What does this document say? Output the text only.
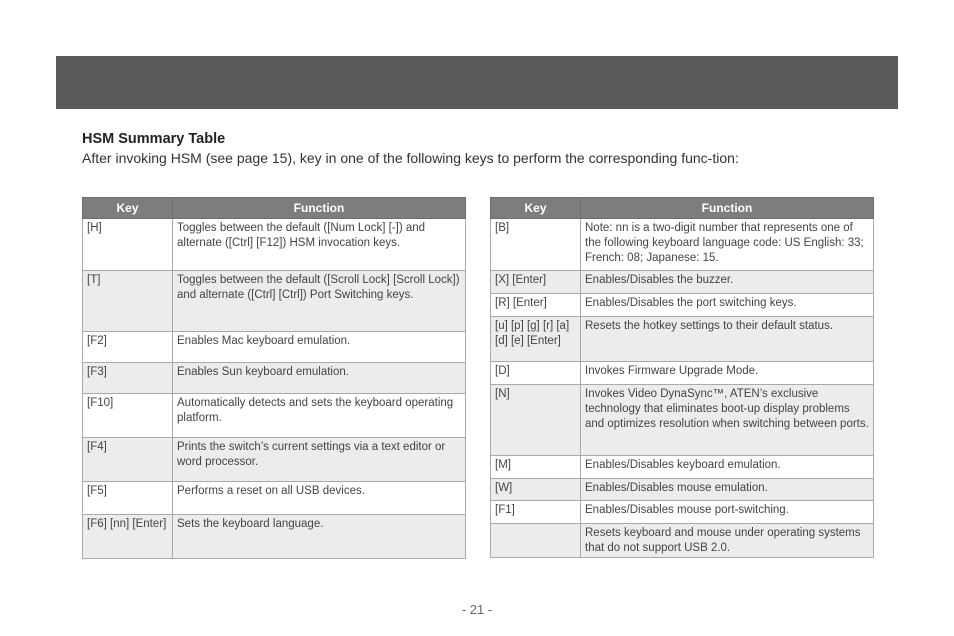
HSM Summary Table
After invoking HSM (see page 15), key in one of the following keys to perform the corresponding func-tion:
Key	Function
[H]	Toggles between the default ([Num Lock] [-]) and alternate ([Ctrl] [F12]) HSM invocation keys.
[T]	Toggles between the default ([Scroll Lock] [Scroll Lock]) and alternate ([Ctrl] [Ctrl]) Port Switching keys.
[F2]	Enables Mac keyboard emulation.
[F3]	Enables Sun keyboard emulation.
[F10]	Automatically detects and sets the keyboard operating platform.
[F4]	Prints the switch’s current settings via a text editor or word processor.
[F5]	Performs a reset on all USB devices.
[F6] [nn] [Enter]	Sets the keyboard language.
Key	Function
[B]	Note: nn is a two-digit number that represents one of the following keyboard language code: US English: 33; French: 08; Japanese: 15.
[X] [Enter]	Enables/Disables the buzzer.
[R] [Enter]	Enables/Disables the port switching keys.
[u] [p] [g] [r] [a] [d] [e] [Enter]	Resets the hotkey settings to their default status.
[D]	Invokes Firmware Upgrade Mode.
[N]	Invokes Video DynaSync™, ATEN’s exclusive technology that eliminates boot-up display problems and optimizes resolution when switching between ports.
[M]	Enables/Disables keyboard emulation.
[W]	Enables/Disables mouse emulation.
[F1]	Enables/Disables mouse port-switching.
	Resets keyboard and mouse under operating systems that do not support USB 2.0.
- 21 -
